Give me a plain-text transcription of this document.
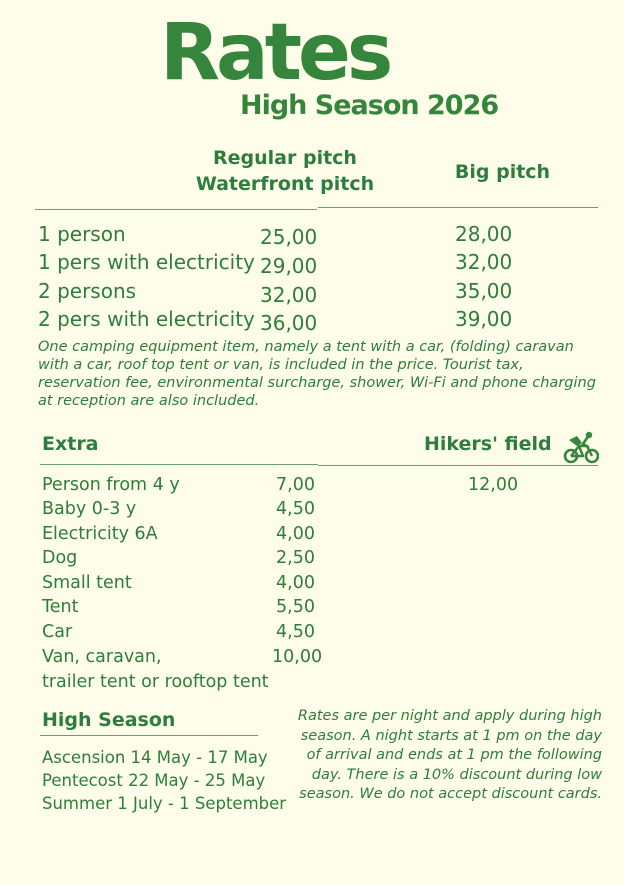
Rates
High Season 2026
Regular pitch
Waterfront pitch
Big pitch
1 person	25,00	28,00
1 pers with electricity 29,00	32,00
2 persons	32,00	35,00
2 pers with electricity 36,00	39,00
One camping equipment item, namely a tent with a car, (folding) caravan with a car, roof top tent or van, is included in the price. Tourist tax, reservation fee, environmental surcharge, shower, Wi-Fi and phone charging at reception are also included.
Extra	Hikers' field
Person from 4 y	7,00	12,00
Baby 0-3 y	4,50
Electricity 6A	4,00
Dog	2,50
Small tent	4,00
Tent	5,50
Car	4,50
Van, caravan,	10,00
trailer tent or rooftop tent
High Season
Ascension 14 May - 17 May
Pentecost 22 May - 25 May
Summer 1 July - 1 September
Rates are per night and apply during high season. A night starts at 1 pm on the day of arrival and ends at 1 pm the following day. There is a 10% discount during low season. We do not accept discount cards.
